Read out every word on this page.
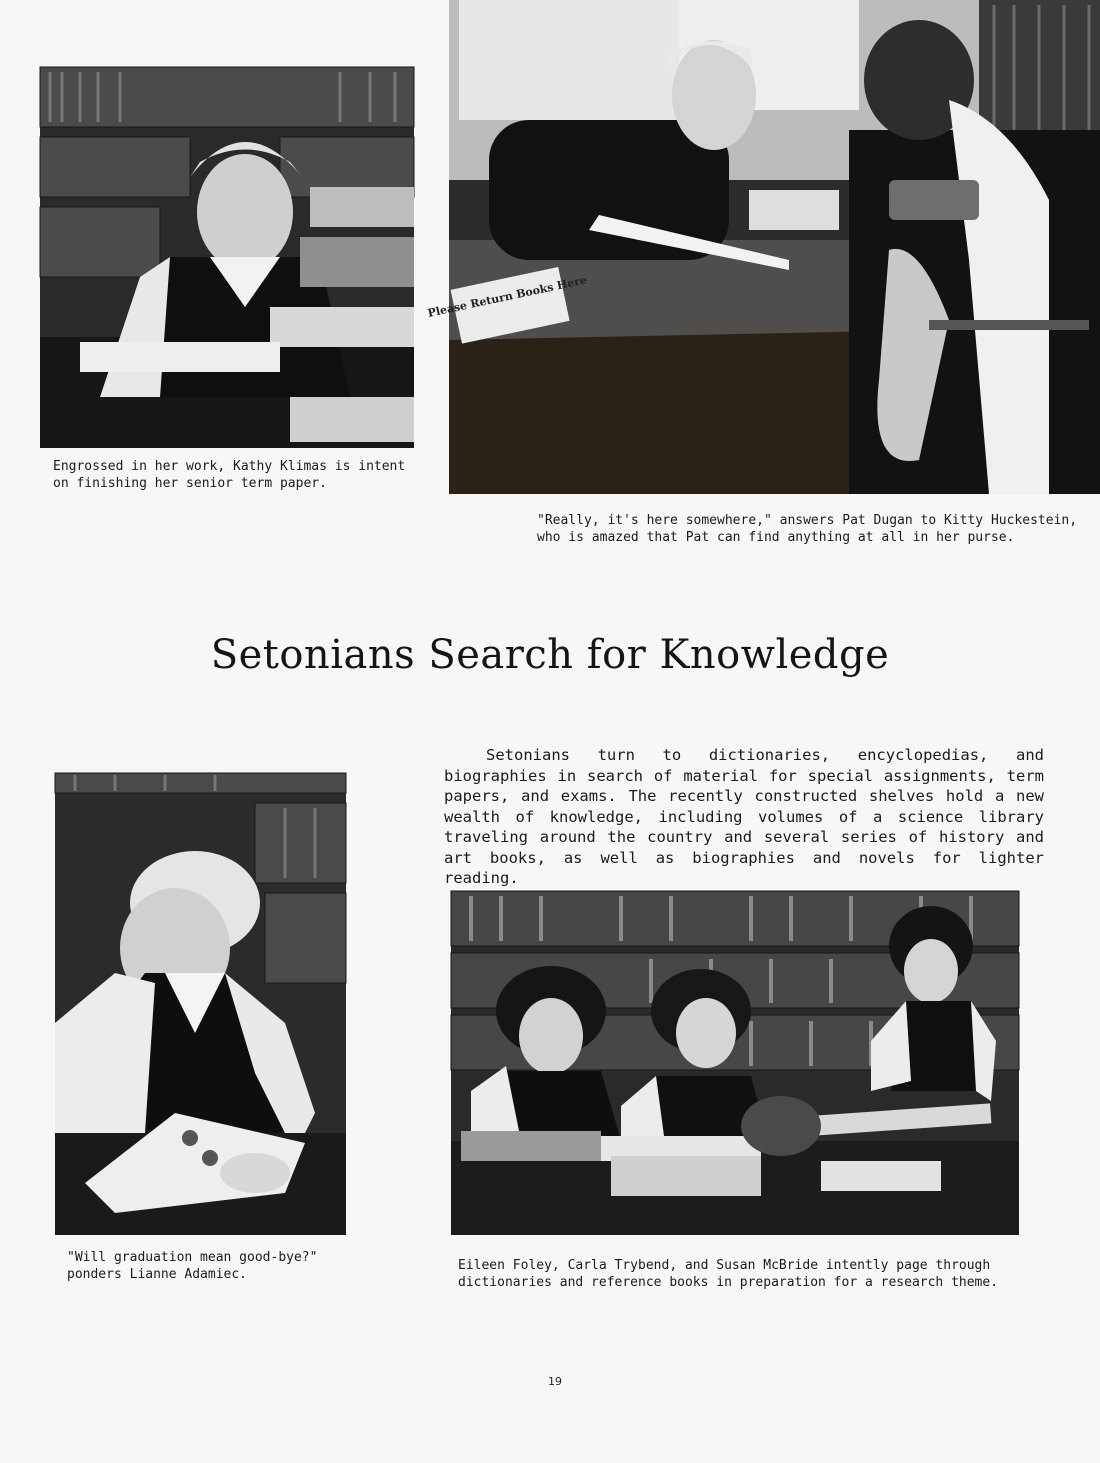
Engrossed in her work, Kathy Klimas is intent on finishing her senior term paper.

Please Return Books Here

"Really, it's here somewhere," answers Pat Dugan to Kitty Huckestein, who is amazed that Pat can find anything at all in her purse.

Setonians Search for Knowledge

Setonians turn to dictionaries, encyclopedias, and biographies in search of material for special assignments, term papers, and exams. The recently constructed shelves hold a new wealth of knowledge, including volumes of a science library traveling around the country and several series of history and art books, as well as biographies and novels for lighter reading.

"Will graduation mean good-bye?" ponders Lianne Adamiec.

Eileen Foley, Carla Trybend, and Susan McBride intently page through dictionaries and reference books in preparation for a research theme.

19
